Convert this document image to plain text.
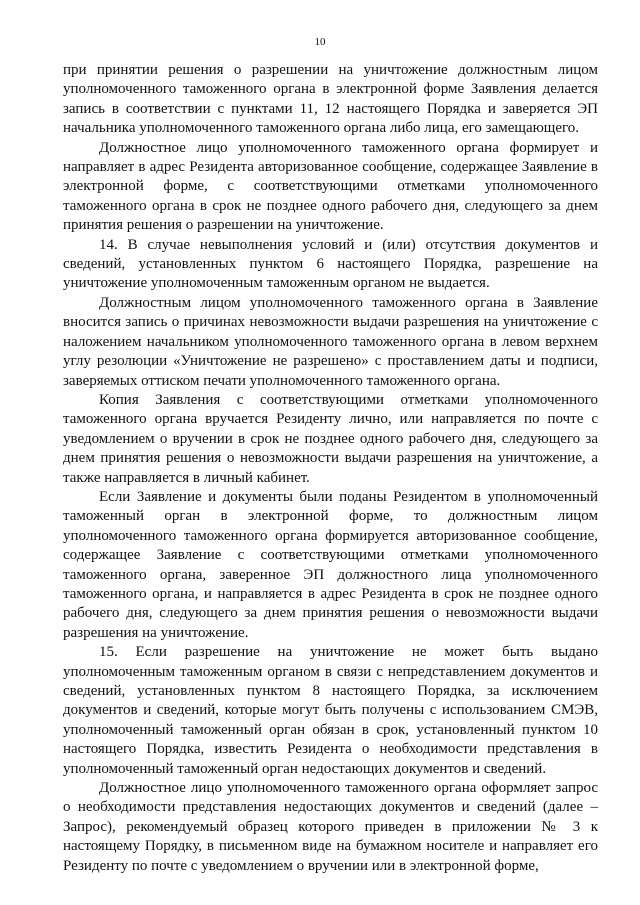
10

при принятии решения о разрешении на уничтожение должностным лицом уполномоченного таможенного органа в электронной форме Заявления делается запись в соответствии с пунктами 11, 12 настоящего Порядка и заверяется ЭП начальника уполномоченного таможенного органа либо лица, его замещающего.

Должностное лицо уполномоченного таможенного органа формирует и направляет в адрес Резидента авторизованное сообщение, содержащее Заявление в электронной форме, с соответствующими отметками уполномоченного таможенного органа в срок не позднее одного рабочего дня, следующего за днем принятия решения о разрешении на уничтожение.

14. В случае невыполнения условий и (или) отсутствия документов и сведений, установленных пунктом 6 настоящего Порядка, разрешение на уничтожение уполномоченным таможенным органом не выдается.

Должностным лицом уполномоченного таможенного органа в Заявление вносится запись о причинах невозможности выдачи разрешения на уничтожение с наложением начальником уполномоченного таможенного органа в левом верхнем углу резолюции «Уничтожение не разрешено» с проставлением даты и подписи, заверяемых оттиском печати уполномоченного таможенного органа.

Копия Заявления с соответствующими отметками уполномоченного таможенного органа вручается Резиденту лично, или направляется по почте с уведомлением о вручении в срок не позднее одного рабочего дня, следующего за днем принятия решения о невозможности выдачи разрешения на уничтожение, а также направляется в личный кабинет.

Если Заявление и документы были поданы Резидентом в уполномоченный таможенный орган в электронной форме, то должностным лицом уполномоченного таможенного органа формируется авторизованное сообщение, содержащее Заявление с соответствующими отметками уполномоченного таможенного органа, заверенное ЭП должностного лица уполномоченного таможенного органа, и направляется в адрес Резидента в срок не позднее одного рабочего дня, следующего за днем принятия решения о невозможности выдачи разрешения на уничтожение.

15. Если разрешение на уничтожение не может быть выдано уполномоченным таможенным органом в связи с непредставлением документов и сведений, установленных пунктом 8 настоящего Порядка, за исключением документов и сведений, которые могут быть получены с использованием СМЭВ, уполномоченный таможенный орган обязан в срок, установленный пунктом 10 настоящего Порядка, известить Резидента о необходимости представления в уполномоченный таможенный орган недостающих документов и сведений.

Должностное лицо уполномоченного таможенного органа оформляет запрос о необходимости представления недостающих документов и сведений (далее – Запрос), рекомендуемый образец которого приведен в приложении № 3 к настоящему Порядку, в письменном виде на бумажном носителе и направляет его Резиденту по почте с уведомлением о вручении или в электронной форме,
